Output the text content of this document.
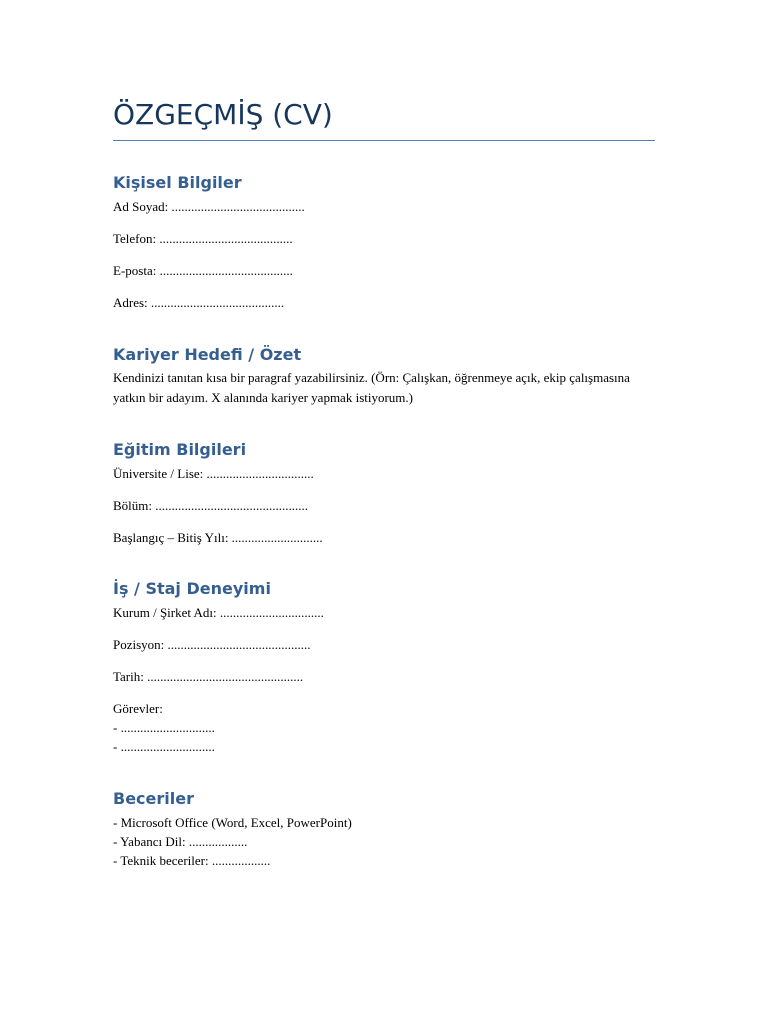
ÖZGEÇMİŞ (CV)
Kişisel Bilgiler

Ad Soyad: .........................................

Telefon: .........................................

E-posta: .........................................

Adres: .........................................

Kariyer Hedefi / Özet

Kendinizi tanıtan kısa bir paragraf yazabilirsiniz. (Örn: Çalışkan, öğrenmeye açık, ekip çalışmasına yatkın bir adayım. X alanında kariyer yapmak istiyorum.)

Eğitim Bilgileri

Üniversite / Lise: .................................

Bölüm: ...............................................

Başlangıç – Bitiş Yılı: ............................

İş / Staj Deneyimi

Kurum / Şirket Adı: ................................

Pozisyon: ............................................

Tarih: ................................................

Görevler:

- .............................

- .............................

Beceriler

- Microsoft Office (Word, Excel, PowerPoint)

- Yabancı Dil: ..................

- Teknik beceriler: ..................
